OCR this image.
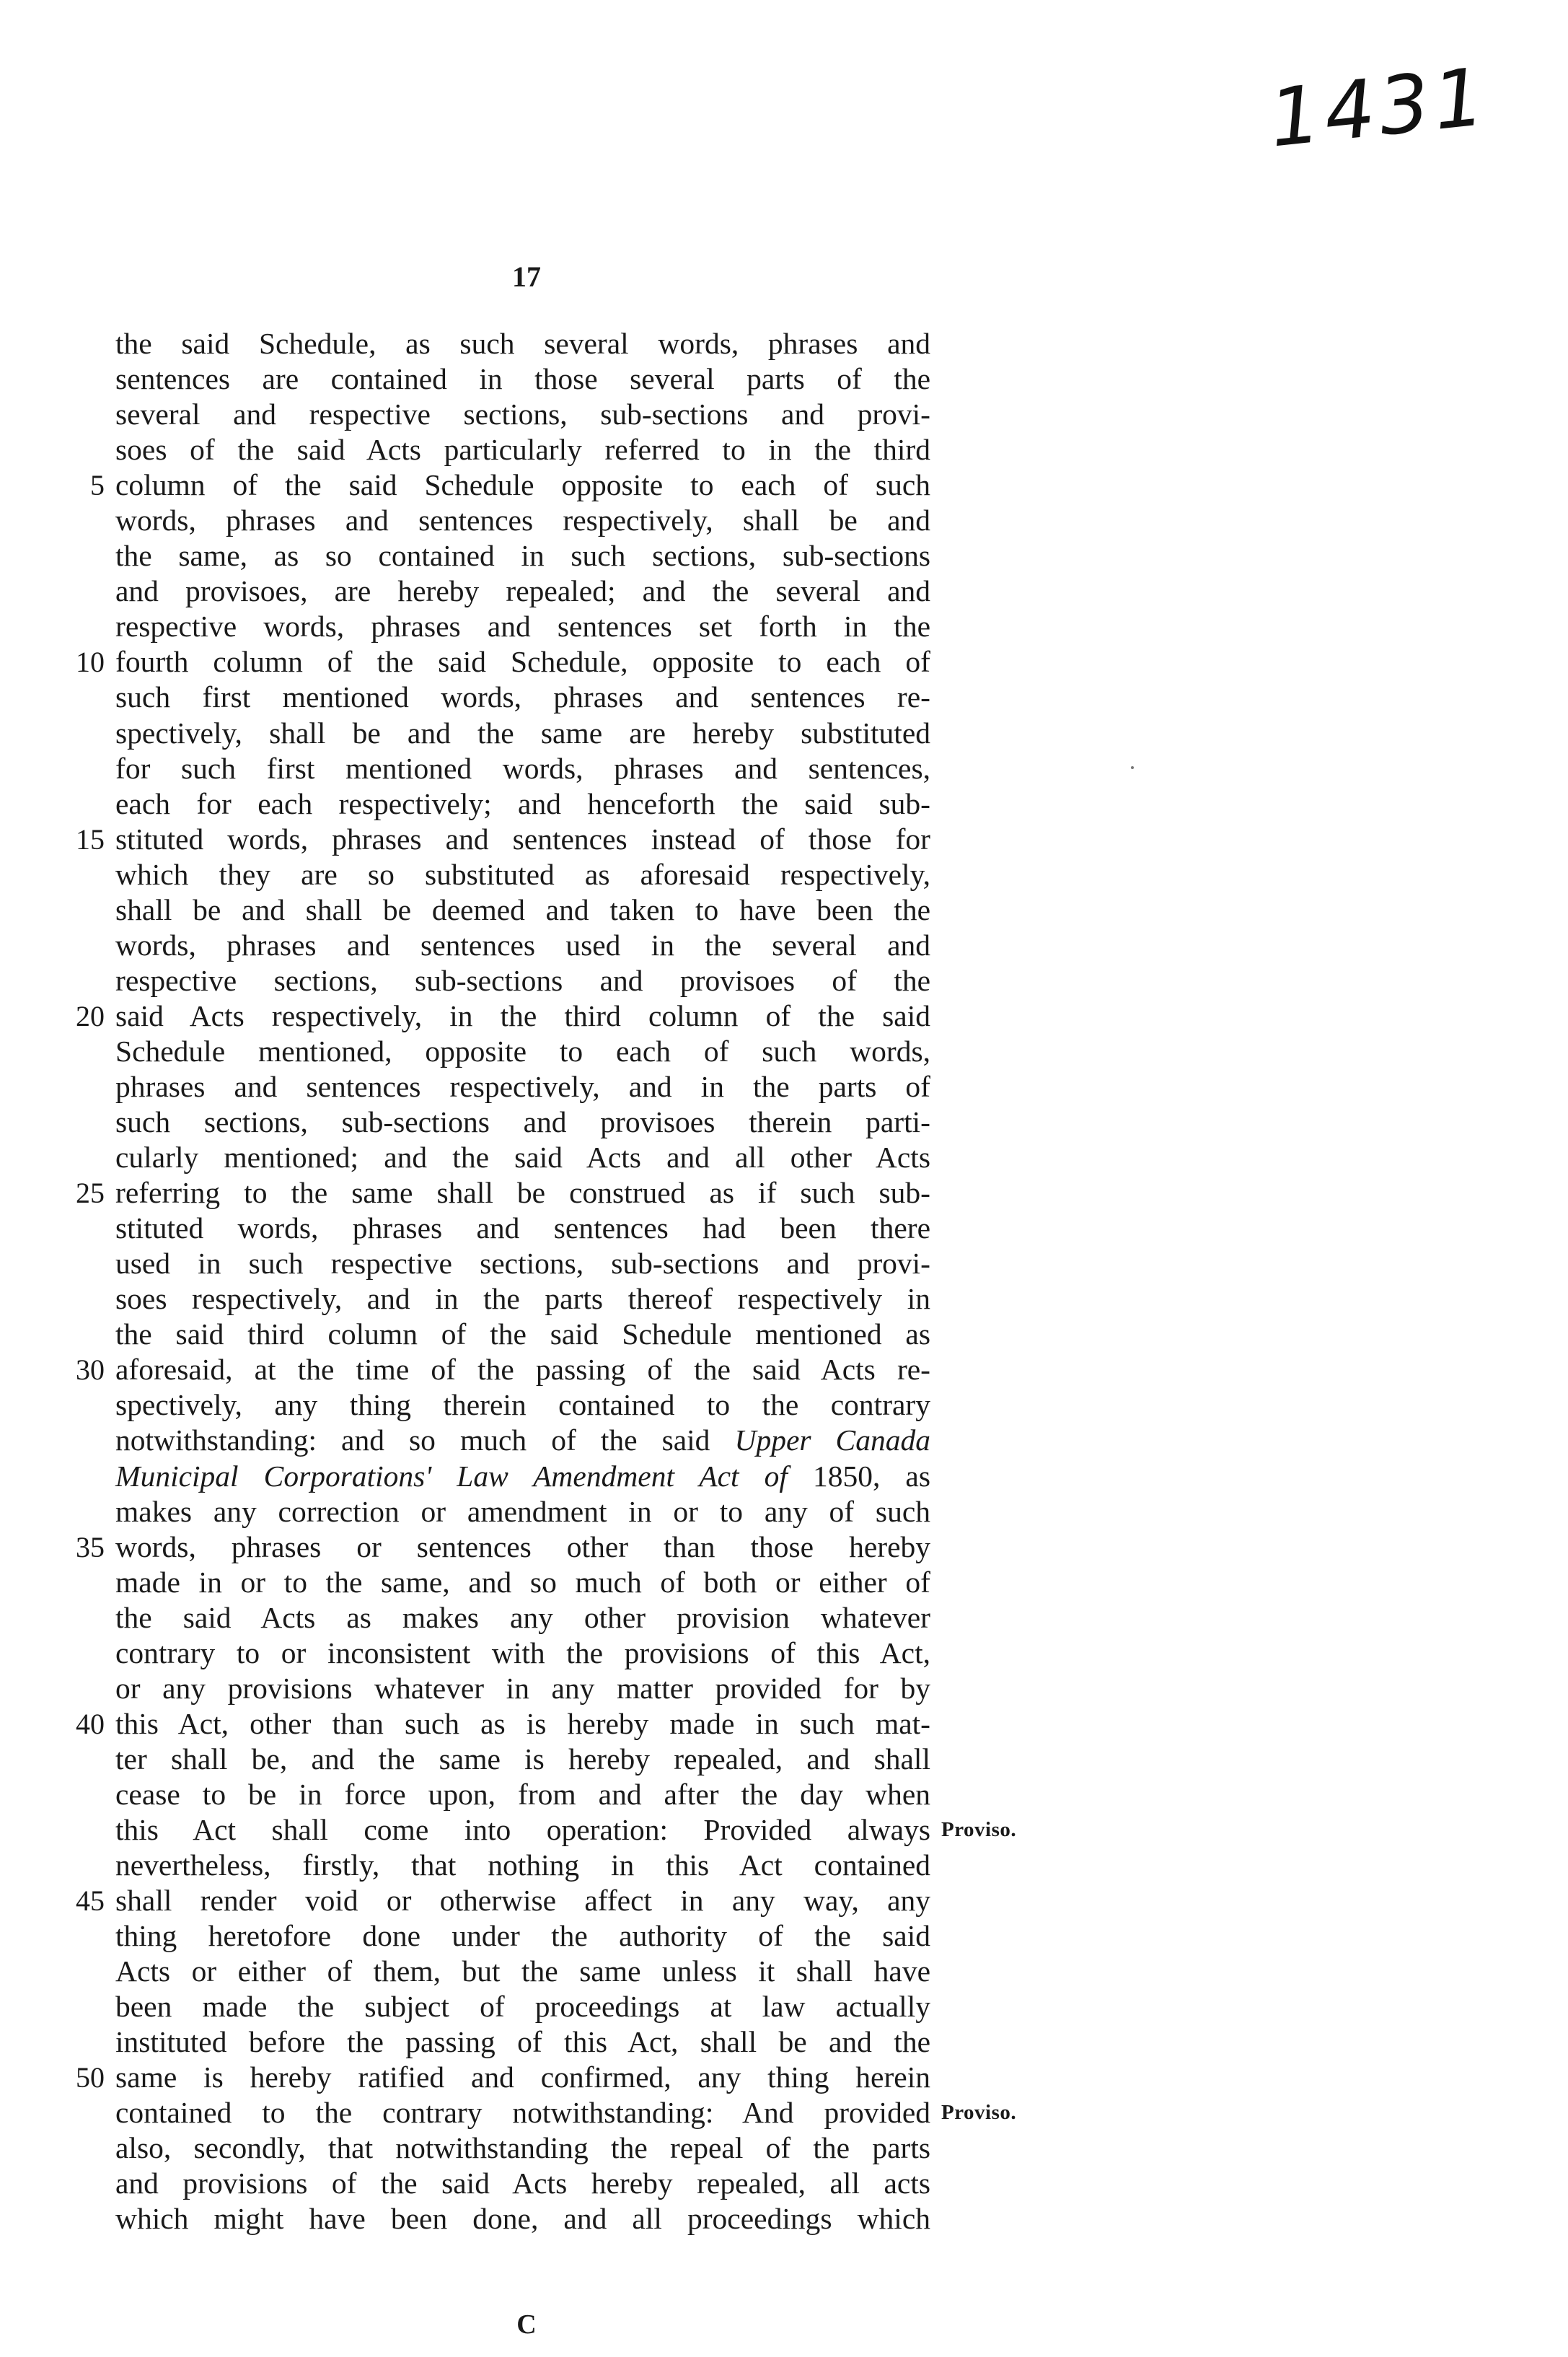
1431
17
the said Schedule, as such several words, phrases and
sentences are contained in those several parts of the
several and respective sections, sub-sections and provi-
soes of the said Acts particularly referred to in the third
5 column of the said Schedule opposite to each of such
words, phrases and sentences respectively, shall be and
the same, as so contained in such sections, sub-sections
and provisoes, are hereby repealed; and the several and
respective words, phrases and sentences set forth in the
10 fourth column of the said Schedule, opposite to each of
such first mentioned words, phrases and sentences re-
spectively, shall be and the same are hereby substituted
for such first mentioned words, phrases and sentences,
each for each respectively; and henceforth the said sub-
15 stituted words, phrases and sentences instead of those for
which they are so substituted as aforesaid respectively,
shall be and shall be deemed and taken to have been the
words, phrases and sentences used in the several and
respective sections, sub-sections and provisoes of the
20 said Acts respectively, in the third column of the said
Schedule mentioned, opposite to each of such words,
phrases and sentences respectively, and in the parts of
such sections, sub-sections and provisoes therein parti-
cularly mentioned; and the said Acts and all other Acts
25 referring to the same shall be construed as if such sub-
stituted words, phrases and sentences had been there
used in such respective sections, sub-sections and provi-
soes respectively, and in the parts thereof respectively in
the said third column of the said Schedule mentioned as
30 aforesaid, at the time of the passing of the said Acts re-
spectively, any thing therein contained to the contrary
notwithstanding: and so much of the said Upper Canada
Municipal Corporations' Law Amendment Act of 1850, as
makes any correction or amendment in or to any of such
35 words, phrases or sentences other than those hereby
made in or to the same, and so much of both or either of
the said Acts as makes any other provision whatever
contrary to or inconsistent with the provisions of this Act,
or any provisions whatever in any matter provided for by
40 this Act, other than such as is hereby made in such mat-
ter shall be, and the same is hereby repealed, and shall
cease to be in force upon, from and after the day when
this Act shall come into operation: Provided always Proviso.
nevertheless, firstly, that nothing in this Act contained
45 shall render void or otherwise affect in any way, any
thing heretofore done under the authority of the said
Acts or either of them, but the same unless it shall have
been made the subject of proceedings at law actually
instituted before the passing of this Act, shall be and the
50 same is hereby ratified and confirmed, any thing herein
contained to the contrary notwithstanding: And provided Proviso.
also, secondly, that notwithstanding the repeal of the parts
and provisions of the said Acts hereby repealed, all acts
which might have been done, and all proceedings which
C
